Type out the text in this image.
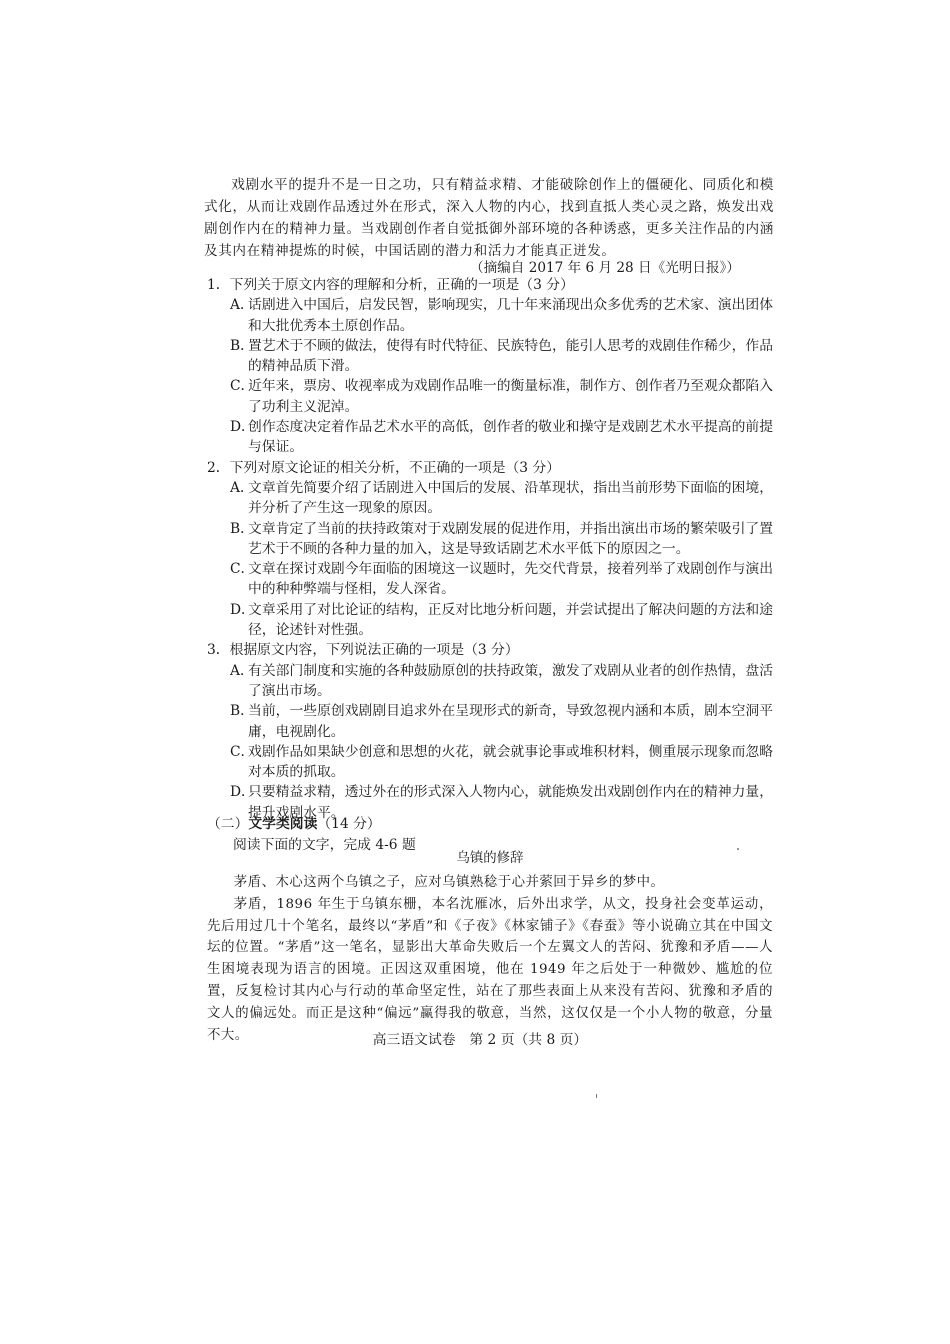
戏剧水平的提升不是一日之功，只有精益求精、才能破除创作上的僵硬化、同质化和模式化，从而让戏剧作品透过外在形式，深入人物的内心，找到直抵人类心灵之路，焕发出戏剧创作内在的精神力量。当戏剧创作者自觉抵御外部环境的各种诱惑，更多关注作品的内涵及其内在精神提炼的时候，中国话剧的潜力和活力才能真正迸发。

（摘编自 2017 年 6 月 28 日《光明日报》）

1．下列关于原文内容的理解和分析，正确的一项是（3 分）

A．话剧进入中国后，启发民智，影响现实，几十年来涌现出众多优秀的艺术家、演出团体和大批优秀本土原创作品。

B．置艺术于不顾的做法，使得有时代特征、民族特色，能引人思考的戏剧佳作稀少，作品的精神品质下滑。

C．近年来，票房、收视率成为戏剧作品唯一的衡量标准，制作方、创作者乃至观众都陷入了功利主义泥淖。

D．创作态度决定着作品艺术水平的高低，创作者的敬业和操守是戏剧艺术水平提高的前提与保证。

2．下列对原文论证的相关分析，不正确的一项是（3 分）

A．文章首先简要介绍了话剧进入中国后的发展、沿革现状，指出当前形势下面临的困境，并分析了产生这一现象的原因。

B．文章肯定了当前的扶持政策对于戏剧发展的促进作用，并指出演出市场的繁荣吸引了置艺术于不顾的各种力量的加入，这是导致话剧艺术水平低下的原因之一。

C．文章在探讨戏剧今年面临的困境这一议题时，先交代背景，接着列举了戏剧创作与演出中的种种弊端与怪相，发人深省。

D．文章采用了对比论证的结构，正反对比地分析问题，并尝试提出了解决问题的方法和途径，论述针对性强。

3．根据原文内容，下列说法正确的一项是（3 分）

A．有关部门制度和实施的各种鼓励原创的扶持政策，激发了戏剧从业者的创作热情，盘活了演出市场。

B．当前，一些原创戏剧剧目追求外在呈现形式的新奇，导致忽视内涵和本质，剧本空洞平庸，电视剧化。

C．戏剧作品如果缺少创意和思想的火花，就会就事论事或堆积材料，侧重展示现象而忽略对本质的抓取。

D．只要精益求精，透过外在的形式深入人物内心，就能焕发出戏剧创作内在的精神力量，提升戏剧水平。

（二）文学类阅读（14 分）
阅读下面的文字，完成 4-6 题
乌镇的修辞

茅盾、木心这两个乌镇之子，应对乌镇熟稔于心并萦回于异乡的梦中。

茅盾，1896 年生于乌镇东栅，本名沈雁冰，后外出求学，从文，投身社会变革运动，先后用过几十个笔名，最终以“茅盾”和《子夜》《林家铺子》《春蚕》等小说确立其在中国文坛的位置。“茅盾”这一笔名，显影出大革命失败后一个左翼文人的苦闷、犹豫和矛盾——人生困境表现为语言的困境。正因这双重困境，他在 1949 年之后处于一种微妙、尴尬的位置，反复检讨其内心与行动的革命坚定性，站在了那些表面上从来没有苦闷、犹豫和矛盾的文人的偏远处。而正是这种“偏远”赢得我的敬意，当然，这仅仅是一个小人物的敬意，分量不大。	高三语文试卷　第 2 页（共 8 页）
